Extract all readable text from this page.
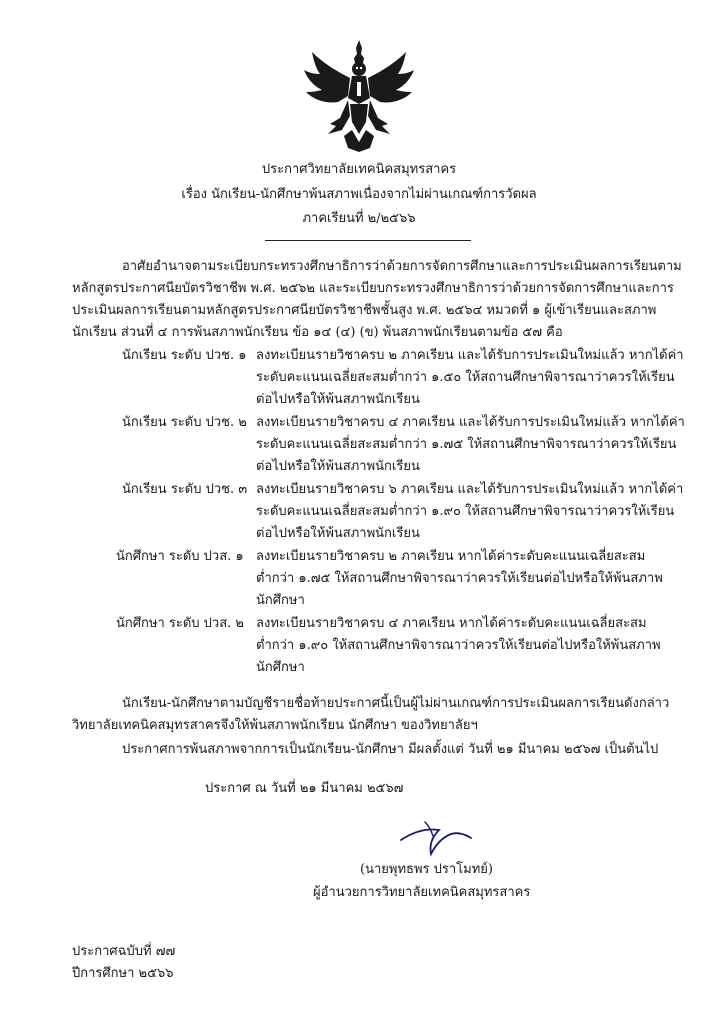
ประกาศวิทยาลัยเทคนิคสมุทรสาคร
เรื่อง นักเรียน-นักศึกษาพ้นสภาพเนื่องจากไม่ผ่านเกณฑ์การวัดผล
ภาคเรียนที่ ๒/๒๕๖๖
อาศัยอำนาจตามระเบียบกระทรวงศึกษาธิการว่าด้วยการจัดการศึกษาและการประเมินผลการเรียนตาม
หลักสูตรประกาศนียบัตรวิชาชีพ พ.ศ. ๒๕๖๒ และระเบียบกระทรวงศึกษาธิการว่าด้วยการจัดการศึกษาและการ
ประเมินผลการเรียนตามหลักสูตรประกาศนียบัตรวิชาชีพชั้นสูง พ.ศ. ๒๕๖๔ หมวดที่ ๑ ผู้เข้าเรียนและสภาพ
นักเรียน ส่วนที่ ๔ การพ้นสภาพนักเรียน ข้อ ๑๔ (๔) (ข) พ้นสภาพนักเรียนตามข้อ ๕๗ คือ
นักเรียน ระดับ ปวช. ๑ ลงทะเบียนรายวิชาครบ ๒ ภาคเรียน และได้รับการประเมินใหม่แล้ว หากได้ค่า
ระดับคะแนนเฉลี่ยสะสมต่ำกว่า ๑.๕๐ ให้สถานศึกษาพิจารณาว่าควรให้เรียน
ต่อไปหรือให้พ้นสภาพนักเรียน
นักเรียน ระดับ ปวช. ๒ ลงทะเบียนรายวิชาครบ ๔ ภาคเรียน และได้รับการประเมินใหม่แล้ว หากได้ค่า
ระดับคะแนนเฉลี่ยสะสมต่ำกว่า ๑.๗๕ ให้สถานศึกษาพิจารณาว่าควรให้เรียน
ต่อไปหรือให้พ้นสภาพนักเรียน
นักเรียน ระดับ ปวช. ๓ ลงทะเบียนรายวิชาครบ ๖ ภาคเรียน และได้รับการประเมินใหม่แล้ว หากได้ค่า
ระดับคะแนนเฉลี่ยสะสมต่ำกว่า ๑.๙๐ ให้สถานศึกษาพิจารณาว่าควรให้เรียน
ต่อไปหรือให้พ้นสภาพนักเรียน
นักศึกษา ระดับ ปวส. ๑ ลงทะเบียนรายวิชาครบ ๒ ภาคเรียน หากได้ค่าระดับคะแนนเฉลี่ยสะสม
ต่ำกว่า ๑.๗๕ ให้สถานศึกษาพิจารณาว่าควรให้เรียนต่อไปหรือให้พ้นสภาพ
นักศึกษา
นักศึกษา ระดับ ปวส. ๒ ลงทะเบียนรายวิชาครบ ๔ ภาคเรียน หากได้ค่าระดับคะแนนเฉลี่ยสะสม
ต่ำกว่า ๑.๙๐ ให้สถานศึกษาพิจารณาว่าควรให้เรียนต่อไปหรือให้พ้นสภาพ
นักศึกษา
นักเรียน-นักศึกษาตามบัญชีรายชื่อท้ายประกาศนี้เป็นผู้ไม่ผ่านเกณฑ์การประเมินผลการเรียนดังกล่าว
วิทยาลัยเทคนิคสมุทรสาครจึงให้พ้นสภาพนักเรียน นักศึกษา ของวิทยาลัยฯ
ประกาศการพ้นสภาพจากการเป็นนักเรียน-นักศึกษา มีผลตั้งแต่ วันที่ ๒๑ มีนาคม ๒๕๖๗ เป็นต้นไป
ประกาศ ณ วันที่ ๒๑ มีนาคม ๒๕๖๗
(นายพุทธพร ปราโมทย์)
ผู้อำนวยการวิทยาลัยเทคนิคสมุทรสาคร
ประกาศฉบับที่ ๗๗
ปีการศึกษา ๒๕๖๖
